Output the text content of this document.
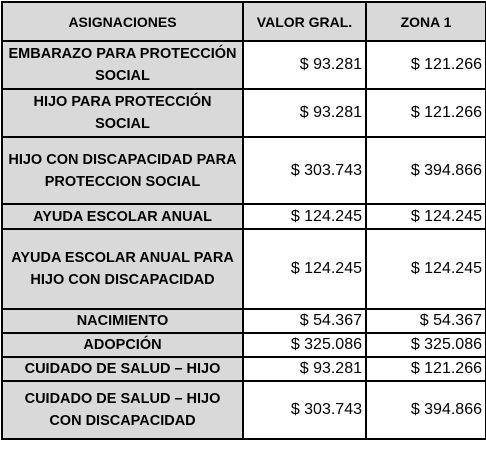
ASIGNACIONES	VALOR GRAL.	ZONA 1
EMBARAZO PARA PROTECCIÓN SOCIAL	$ 93.281	$ 121.266
HIJO PARA PROTECCIÓN SOCIAL	$ 93.281	$ 121.266
HIJO CON DISCAPACIDAD PARA PROTECCION SOCIAL	$ 303.743	$ 394.866
AYUDA ESCOLAR ANUAL	$ 124.245	$ 124.245
AYUDA ESCOLAR ANUAL PARA HIJO CON DISCAPACIDAD	$ 124.245	$ 124.245
NACIMIENTO	$ 54.367	$ 54.367
ADOPCIÓN	$ 325.086	$ 325.086
CUIDADO DE SALUD – HIJO	$ 93.281	$ 121.266
CUIDADO DE SALUD – HIJO CON DISCAPACIDAD	$ 303.743	$ 394.866
